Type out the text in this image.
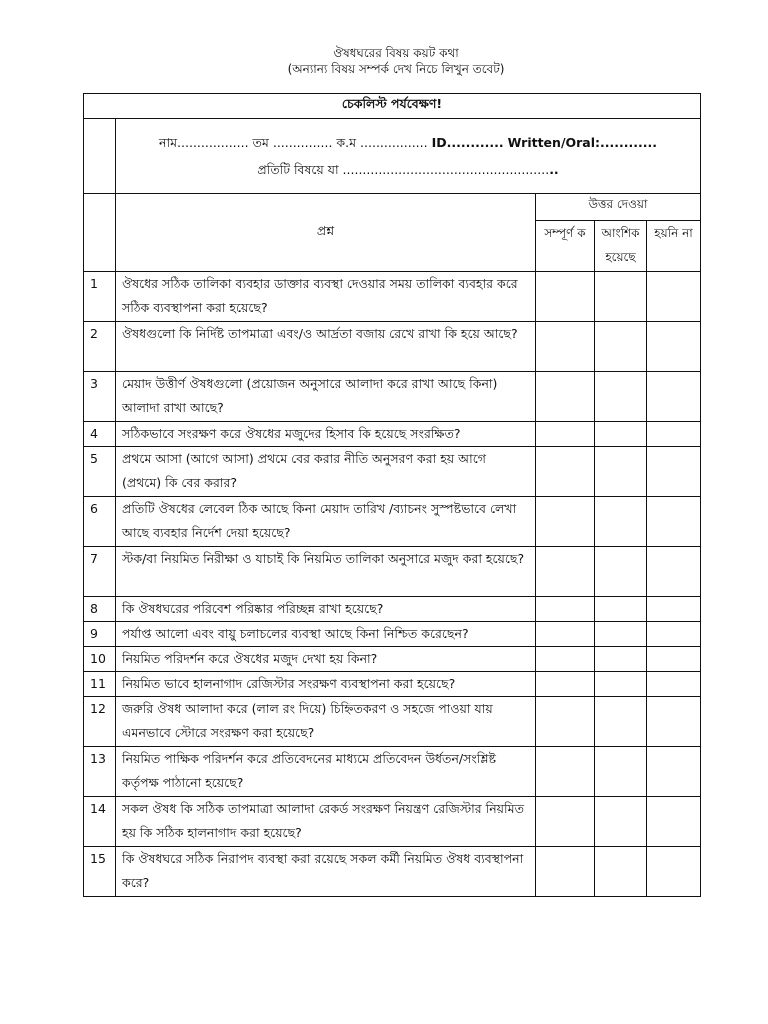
ঔষধঘরের বিষয় কয়ট কথা
(অন্যান্য বিষয় সম্পর্ক দেখ নিচে লিখুন তবেট)
চেকলিস্ট পর্যবেক্ষণ!				
	নাম.................. তম ............... ক.ম ................. ID............ Written/Oral:............
প্রতিটি বিষয়ে যা ......................................................			
	প্রশ্ন	উত্তর দেওয়া		
		সম্পূর্ণ ক	আংশিক হয়েছে	হয়নি না
1	ঔষধের সঠিক তালিকা ব্যবহার ডাক্তার ব্যবস্থা দেওয়ার সময় তালিকা ব্যবহার করে সঠিক ব্যবস্থাপনা করা হয়েছে?			
2	ঔষধগুলো কি নির্দিষ্ট তাপমাত্রা এবং/ও আর্দ্রতা বজায় রেখে রাখা কি হয়ে আছে?			
3	মেয়াদ উত্তীর্ণ ঔষধগুলো (প্রয়োজন অনুসারে আলাদা করে রাখা আছে কিনা) আলাদা রাখা আছে?			
4	সঠিকভাবে সংরক্ষণ করে ঔষধের মজুদের হিসাব কি হয়েছে সংরক্ষিত?			
5	প্রথমে আসা (আগে আসা) প্রথমে বের করার নীতি অনুসরণ করা হয় আগে (প্রথমে) কি বের করার?			
6	প্রতিটি ঔষধের লেবেল ঠিক আছে কিনা মেয়াদ তারিখ /ব্যাচনং সুস্পষ্টভাবে লেখা আছে ব্যবহার নির্দেশ দেয়া হয়েছে?			
7	স্টক/বা নিয়মিত নিরীক্ষা ও যাচাই কি নিয়মিত তালিকা অনুসারে মজুদ করা হয়েছে?			
8	কি ঔষধঘরের পরিবেশ পরিষ্কার পরিচ্ছন্ন রাখা হয়েছে?			
9	পর্যাপ্ত আলো এবং বায়ু চলাচলের ব্যবস্থা আছে কিনা নিশ্চিত করেছেন?			
10	নিয়মিত পরিদর্শন করে ঔষধের মজুদ দেখা হয় কিনা?			
11	নিয়মিত ভাবে হালনাগাদ রেজিস্টার সংরক্ষণ ব্যবস্থাপনা করা হয়েছে?			
12	জরুরি ঔষধ আলাদা করে (লাল রং দিয়ে) চিহ্নিতকরণ ও সহজে পাওয়া যায় এমনভাবে স্টোরে সংরক্ষণ করা হয়েছে?			
13	নিয়মিত পাক্ষিক পরিদর্শন করে প্রতিবেদনের মাধ্যমে প্রতিবেদন উর্ধতন/সংশ্লিষ্ট কর্তৃপক্ষ পাঠানো হয়েছে?			
14	সকল ঔষধ কি সঠিক তাপমাত্রা আলাদা রেকর্ড সংরক্ষণ নিয়ন্ত্রণ রেজিস্টার নিয়মিত হয় কি সঠিক হালনাগাদ করা হয়েছে?			
15	কি ঔষধঘরে সঠিক নিরাপদ ব্যবস্থা করা রয়েছে সকল কর্মী নিয়মিত ঔষধ ব্যবস্থাপনা করে?			
